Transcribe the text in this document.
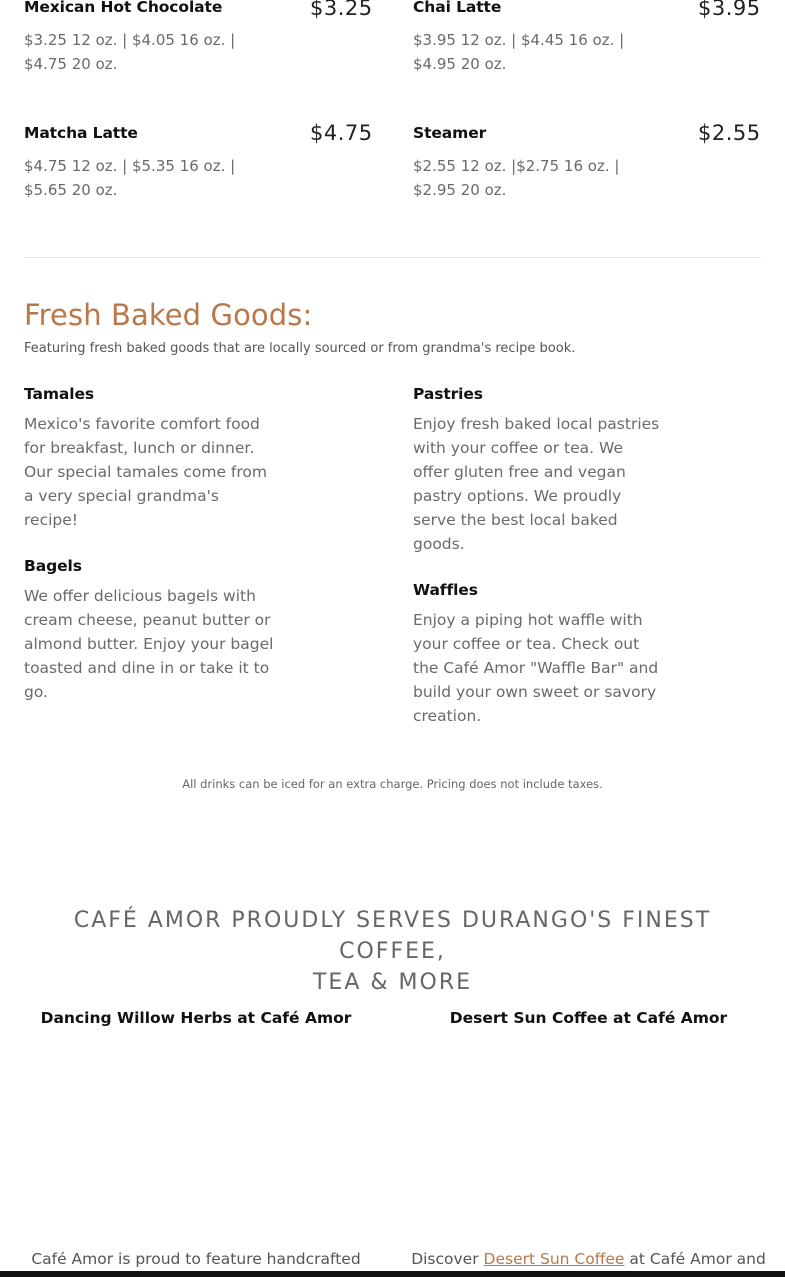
Mexican Hot Chocolate	$3.25
$3.25 12 oz. | $4.05 16 oz. | $4.75 20 oz.
Chai Latte	$3.95
$3.95 12 oz. | $4.45 16 oz. | $4.95 20 oz.
Matcha Latte	$4.75
$4.75 12 oz. | $5.35 16 oz. | $5.65 20 oz.
Steamer	$2.55
$2.55 12 oz. |$2.75 16 oz. | $2.95 20 oz.
Fresh Baked Goods:
Featuring fresh baked goods that are locally sourced or from grandma's recipe book.
Tamales
Mexico's favorite comfort food for breakfast, lunch or dinner. Our special tamales come from a very special grandma's recipe!
Pastries
Enjoy fresh baked local pastries with your coffee or tea. We offer gluten free and vegan pastry options. We proudly serve the best local baked goods.
Bagels
We offer delicious bagels with cream cheese, peanut butter or almond butter. Enjoy your bagel toasted and dine in or take it to go.
Waffles
Enjoy a piping hot waffle with your coffee or tea. Check out the Café Amor "Waffle Bar" and build your own sweet or savory creation.
All drinks can be iced for an extra charge. Pricing does not include taxes.
CAFÉ AMOR PROUDLY SERVES DURANGO'S FINEST COFFEE,
TEA & MORE
Dancing Willow Herbs at Café Amor	Desert Sun Coffee at Café Amor
Café Amor is proud to feature handcrafted	Discover Desert Sun Coffee at Café Amor and
